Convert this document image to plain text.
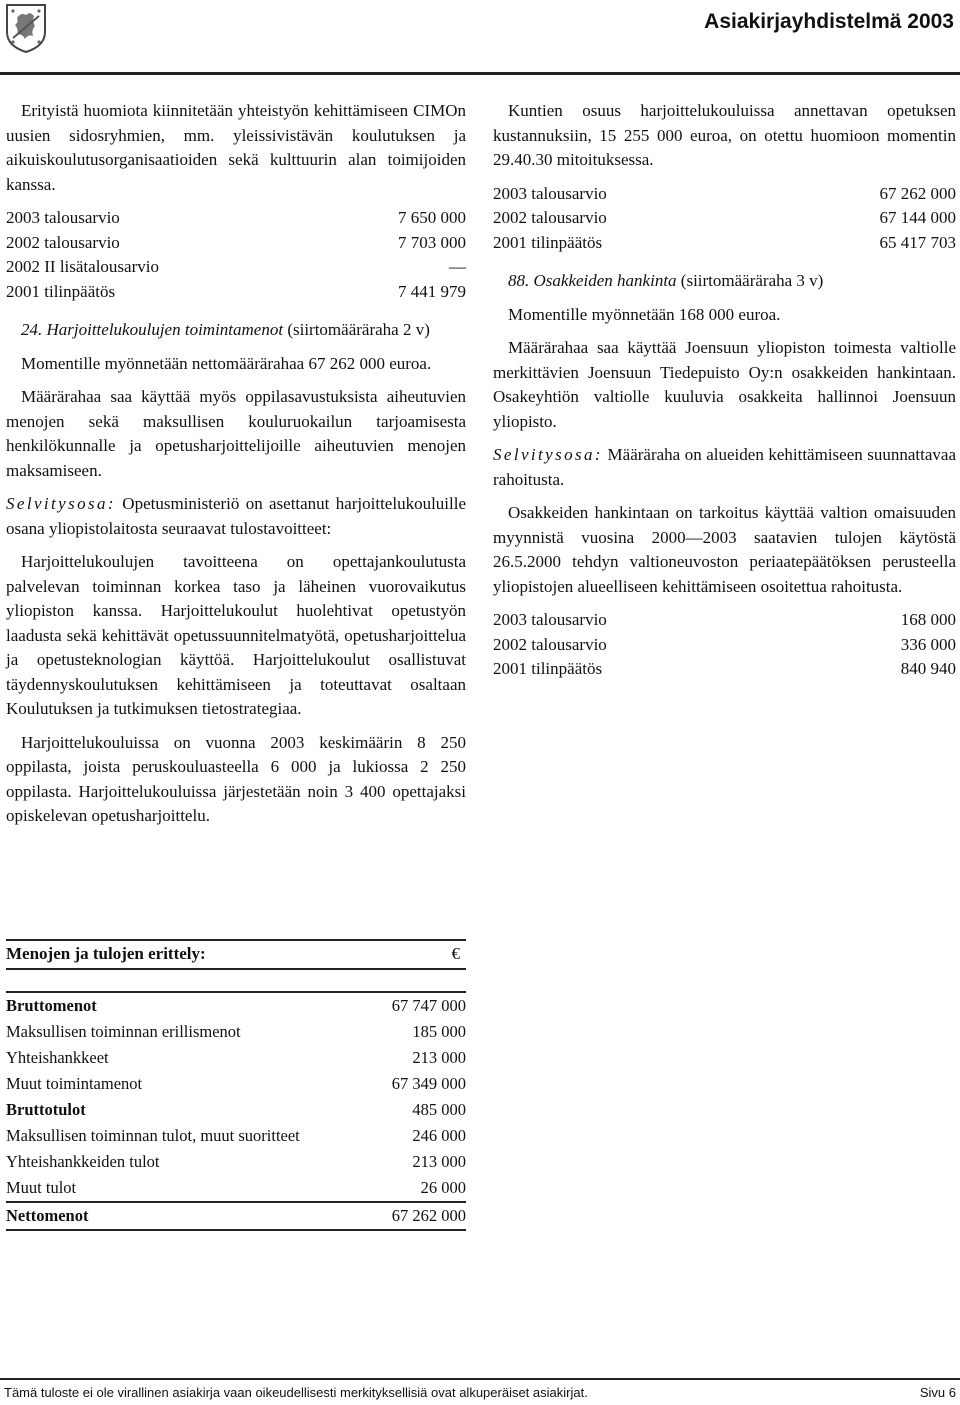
Asiakirjayhdistelmä 2003

Erityistä huomiota kiinnitetään yhteistyön kehittämiseen CIMOn uusien sidosryhmien, mm. yleissivistävän koulutuksen ja aikuiskoulutusorganisaatioiden sekä kulttuurin alan toimijoiden kanssa.

2003 talousarvio	7 650 000
2002 talousarvio	7 703 000
2002 II lisätalousarvio	—
2001 tilinpäätös	7 441 979

24. Harjoittelukoulujen toimintamenot (siirtomääräraha 2 v)

Momentille myönnetään nettomäärärahaa 67 262 000 euroa.

Määrärahaa saa käyttää myös oppilasavustuksista aiheutuvien menojen sekä maksullisen kouluruokailun tarjoamisesta henkilökunnalle ja opetusharjoittelijoille aiheutuvien menojen maksamiseen.

Selvitysosa: Opetusministeriö on asettanut harjoittelukouluille osana yliopistolaitosta seuraavat tulostavoitteet:

Harjoittelukoulujen tavoitteena on opettajankoulutusta palvelevan toiminnan korkea taso ja läheinen vuorovaikutus yliopiston kanssa. Harjoittelukoulut huolehtivat opetustyön laadusta sekä kehittävät opetussuunnitelmatyötä, opetusharjoittelua ja opetusteknologian käyttöä. Harjoittelukoulut osallistuvat täydennyskoulutuksen kehittämiseen ja toteuttavat osaltaan Koulutuksen ja tutkimuksen tietostrategiaa.

Harjoittelukouluissa on vuonna 2003 keskimäärin 8 250 oppilasta, joista peruskouluasteella 6 000 ja lukiossa 2 250 oppilasta. Harjoittelukouluissa järjestetään noin 3 400 opettajaksi opiskelevan opetusharjoittelu.

Menojen ja tulojen erittely:	€
Bruttomenot	67 747 000
Maksullisen toiminnan erillismenot	185 000
Yhteishankkeet	213 000
Muut toimintamenot	67 349 000
Bruttotulot	485 000
Maksullisen toiminnan tulot, muut suoritteet	246 000
Yhteishankkeiden tulot	213 000
Muut tulot	26 000
Nettomenot	67 262 000

Kuntien osuus harjoittelukouluissa annettavan opetuksen kustannuksiin, 15 255 000 euroa, on otettu huomioon momentin 29.40.30 mitoituksessa.

2003 talousarvio	67 262 000
2002 talousarvio	67 144 000
2001 tilinpäätös	65 417 703

88. Osakkeiden hankinta (siirtomääräraha 3 v)

Momentille myönnetään 168 000 euroa.

Määrärahaa saa käyttää Joensuun yliopiston toimesta valtiolle merkittävien Joensuun Tiedepuisto Oy:n osakkeiden hankintaan. Osakeyhtiön valtiolle kuuluvia osakkeita hallinnoi Joensuun yliopisto.

Selvitysosa: Määräraha on alueiden kehittämiseen suunnattavaa rahoitusta.

Osakkeiden hankintaan on tarkoitus käyttää valtion omaisuuden myynnistä vuosina 2000—2003 saatavien tulojen käytöstä 26.5.2000 tehdyn valtioneuvoston periaatepäätöksen perusteella yliopistojen alueelliseen kehittämiseen osoitettua rahoitusta.

2003 talousarvio	168 000
2002 talousarvio	336 000
2001 tilinpäätös	840 940
Tämä tuloste ei ole virallinen asiakirja vaan oikeudellisesti merkityksellisiä ovat alkuperäiset asiakirjat.	Sivu 6
